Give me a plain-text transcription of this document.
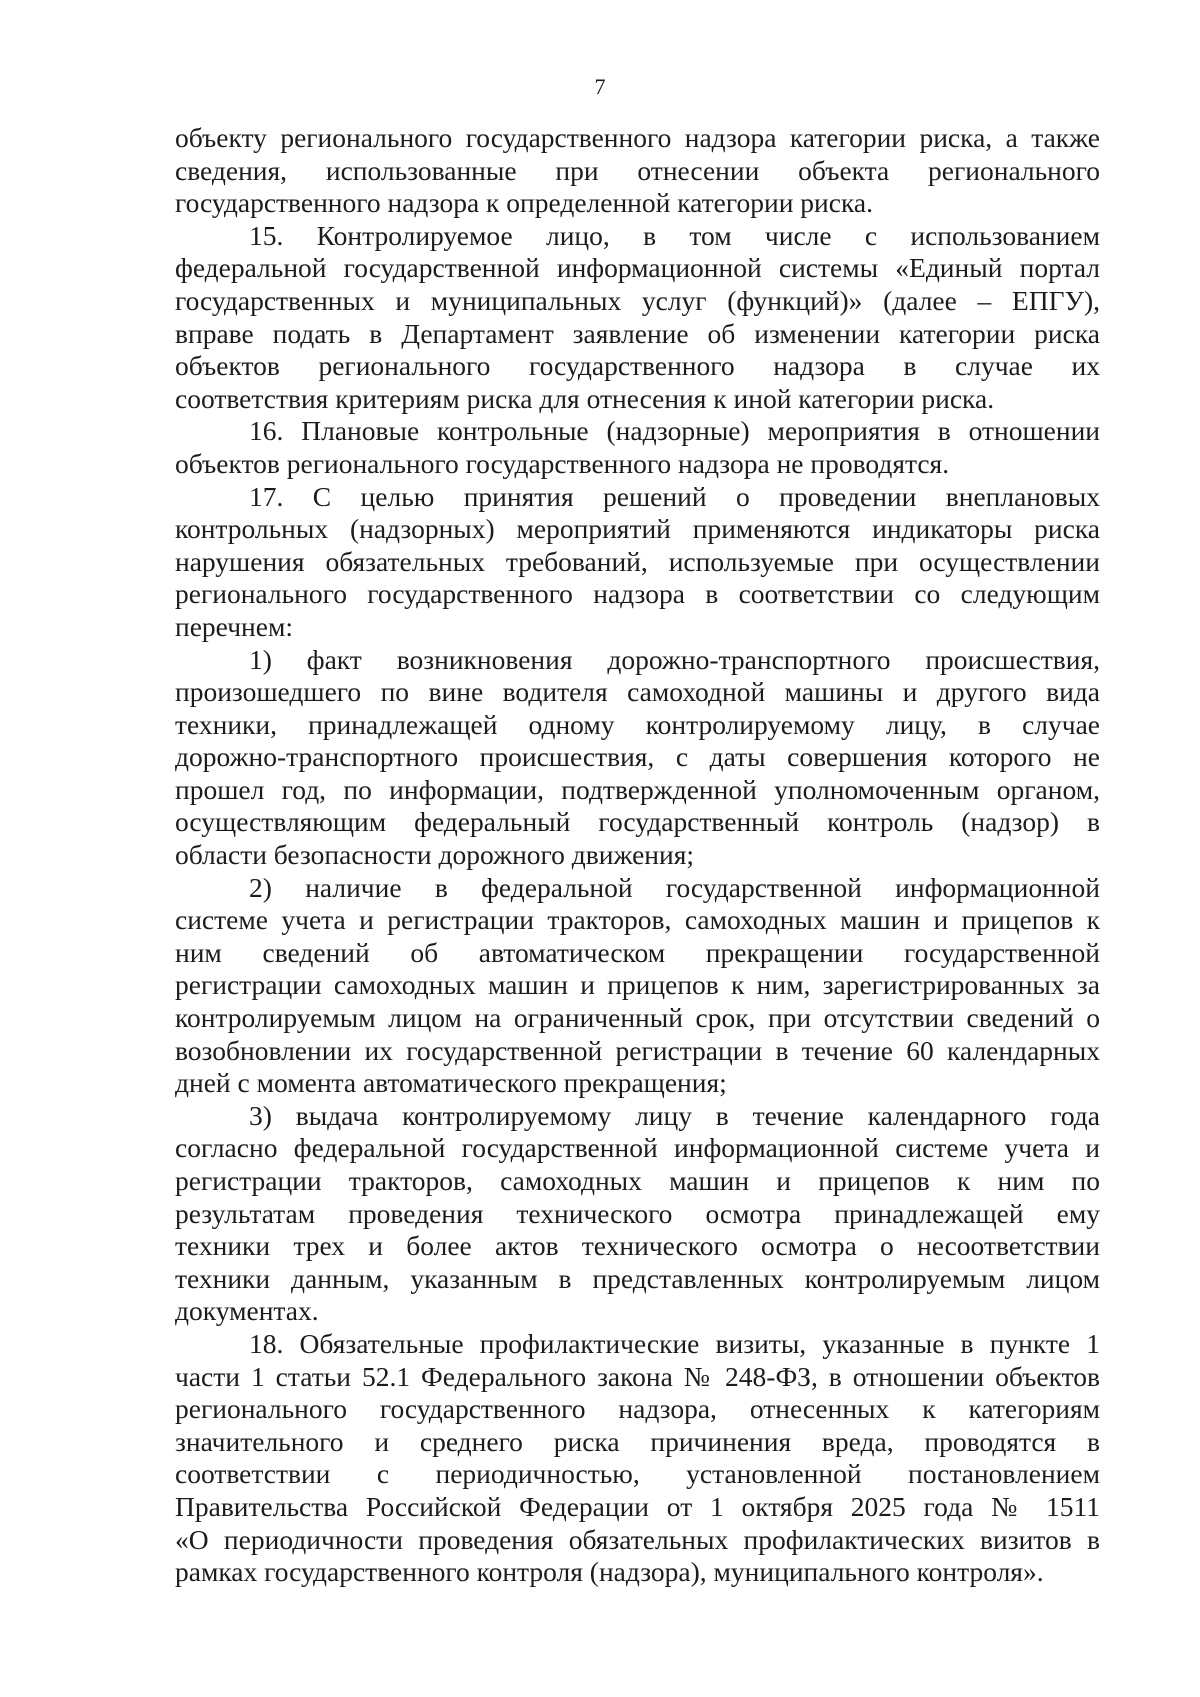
7
объекту регионального государственного надзора категории риска, а также
сведения, использованные при отнесении объекта регионального
государственного надзора к определенной категории риска.
15. Контролируемое лицо, в том числе с использованием
федеральной государственной информационной системы «Единый портал
государственных и муниципальных услуг (функций)» (далее – ЕПГУ),
вправе подать в Департамент заявление об изменении категории риска
объектов регионального государственного надзора в случае их
соответствия критериям риска для отнесения к иной категории риска.
16. Плановые контрольные (надзорные) мероприятия в отношении
объектов регионального государственного надзора не проводятся.
17. С целью принятия решений о проведении внеплановых
контрольных (надзорных) мероприятий применяются индикаторы риска
нарушения обязательных требований, используемые при осуществлении
регионального государственного надзора в соответствии со следующим
перечнем:
1) факт возникновения дорожно-транспортного происшествия,
произошедшего по вине водителя самоходной машины и другого вида
техники, принадлежащей одному контролируемому лицу, в случае
дорожно-транспортного происшествия, с даты совершения которого не
прошел год, по информации, подтвержденной уполномоченным органом,
осуществляющим федеральный государственный контроль (надзор) в
области безопасности дорожного движения;
2) наличие в федеральной государственной информационной
системе учета и регистрации тракторов, самоходных машин и прицепов к
ним сведений об автоматическом прекращении государственной
регистрации самоходных машин и прицепов к ним, зарегистрированных за
контролируемым лицом на ограниченный срок, при отсутствии сведений о
возобновлении их государственной регистрации в течение 60 календарных
дней с момента автоматического прекращения;
3) выдача контролируемому лицу в течение календарного года
согласно федеральной государственной информационной системе учета и
регистрации тракторов, самоходных машин и прицепов к ним по
результатам проведения технического осмотра принадлежащей ему
техники трех и более актов технического осмотра о несоответствии
техники данным, указанным в представленных контролируемым лицом
документах.
18. Обязательные профилактические визиты, указанные в пункте 1
части 1 статьи 52.1 Федерального закона № 248-ФЗ, в отношении объектов
регионального государственного надзора, отнесенных к категориям
значительного и среднего риска причинения вреда, проводятся в
соответствии с периодичностью, установленной постановлением
Правительства Российской Федерации от 1 октября 2025 года № 1511
«О периодичности проведения обязательных профилактических визитов в
рамках государственного контроля (надзора), муниципального контроля».
